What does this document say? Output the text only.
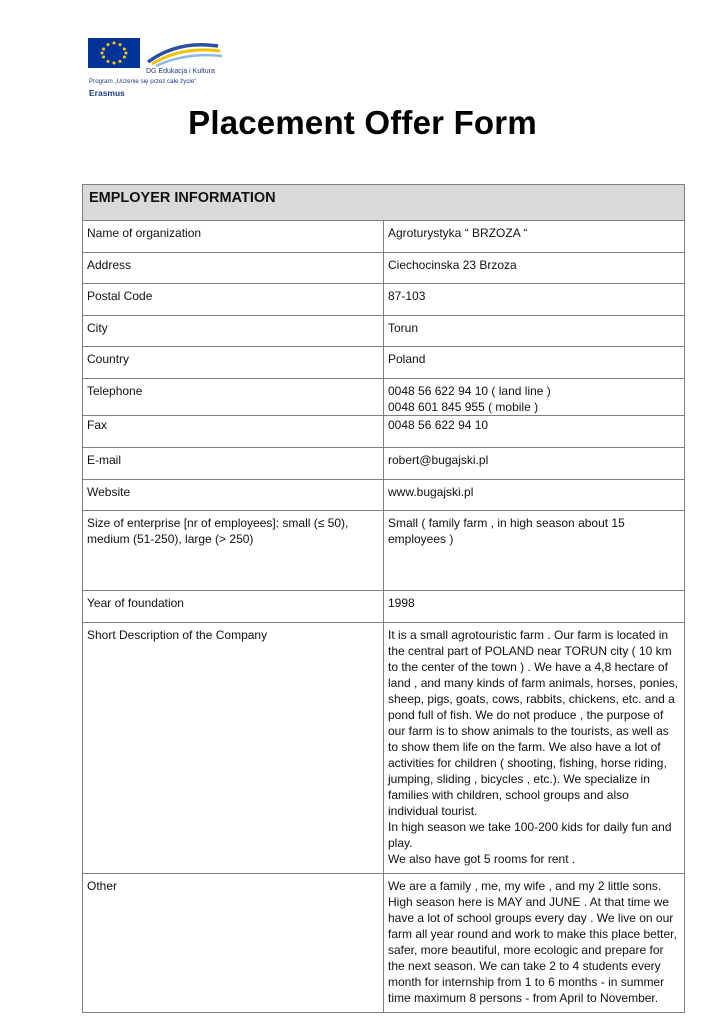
DG Edukacja i Kultura
Program „Uczenie się przez całe życie”
Erasmus
Placement Offer Form
EMPLOYER INFORMATION	
Name of organization	Agroturystyka “ BRZOZA “
Address	Ciechocinska 23 Brzoza
Postal Code	87-103
City	Torun
Country	Poland
Telephone	0048 56 622 94 10 ( land line )
0048 601 845 955 ( mobile )
Fax	0048 56 622 94 10
E-mail	robert@bugajski.pl
Website	www.bugajski.pl
Size of enterprise [nr of employees]: small (≤ 50), medium (51-250), large (> 250)	Small ( family farm , in high season about 15 employees )
Year of foundation	1998
Short Description of the Company	It is a small agrotouristic farm . Our farm is located in the central part of POLAND near TORUN city ( 10 km to the center of the town ) . We have a 4,8 hectare of land , and many kinds of farm animals, horses, ponies, sheep, pigs, goats, cows, rabbits, chickens, etc. and a pond full of fish. We do not produce , the purpose of our farm is to show animals to the tourists, as well as to show them life on the farm. We also have a lot of activities for children ( shooting, fishing, horse riding, jumping, sliding , bicycles , etc.). We specialize in families with children, school groups and also individual tourist.
In high season we take 100-200 kids for daily fun and play.
We also have got 5 rooms for rent .
Other	We are a family , me, my wife , and my 2 little sons. High season here is MAY and JUNE . At that time we have a lot of school groups every day . We live on our farm all year round and work to make this place better, safer, more beautiful, more ecologic and prepare for the next season. We can take 2 to 4 students every month for internship from 1 to 6 months - in summer time maximum 8 persons - from April to November.
